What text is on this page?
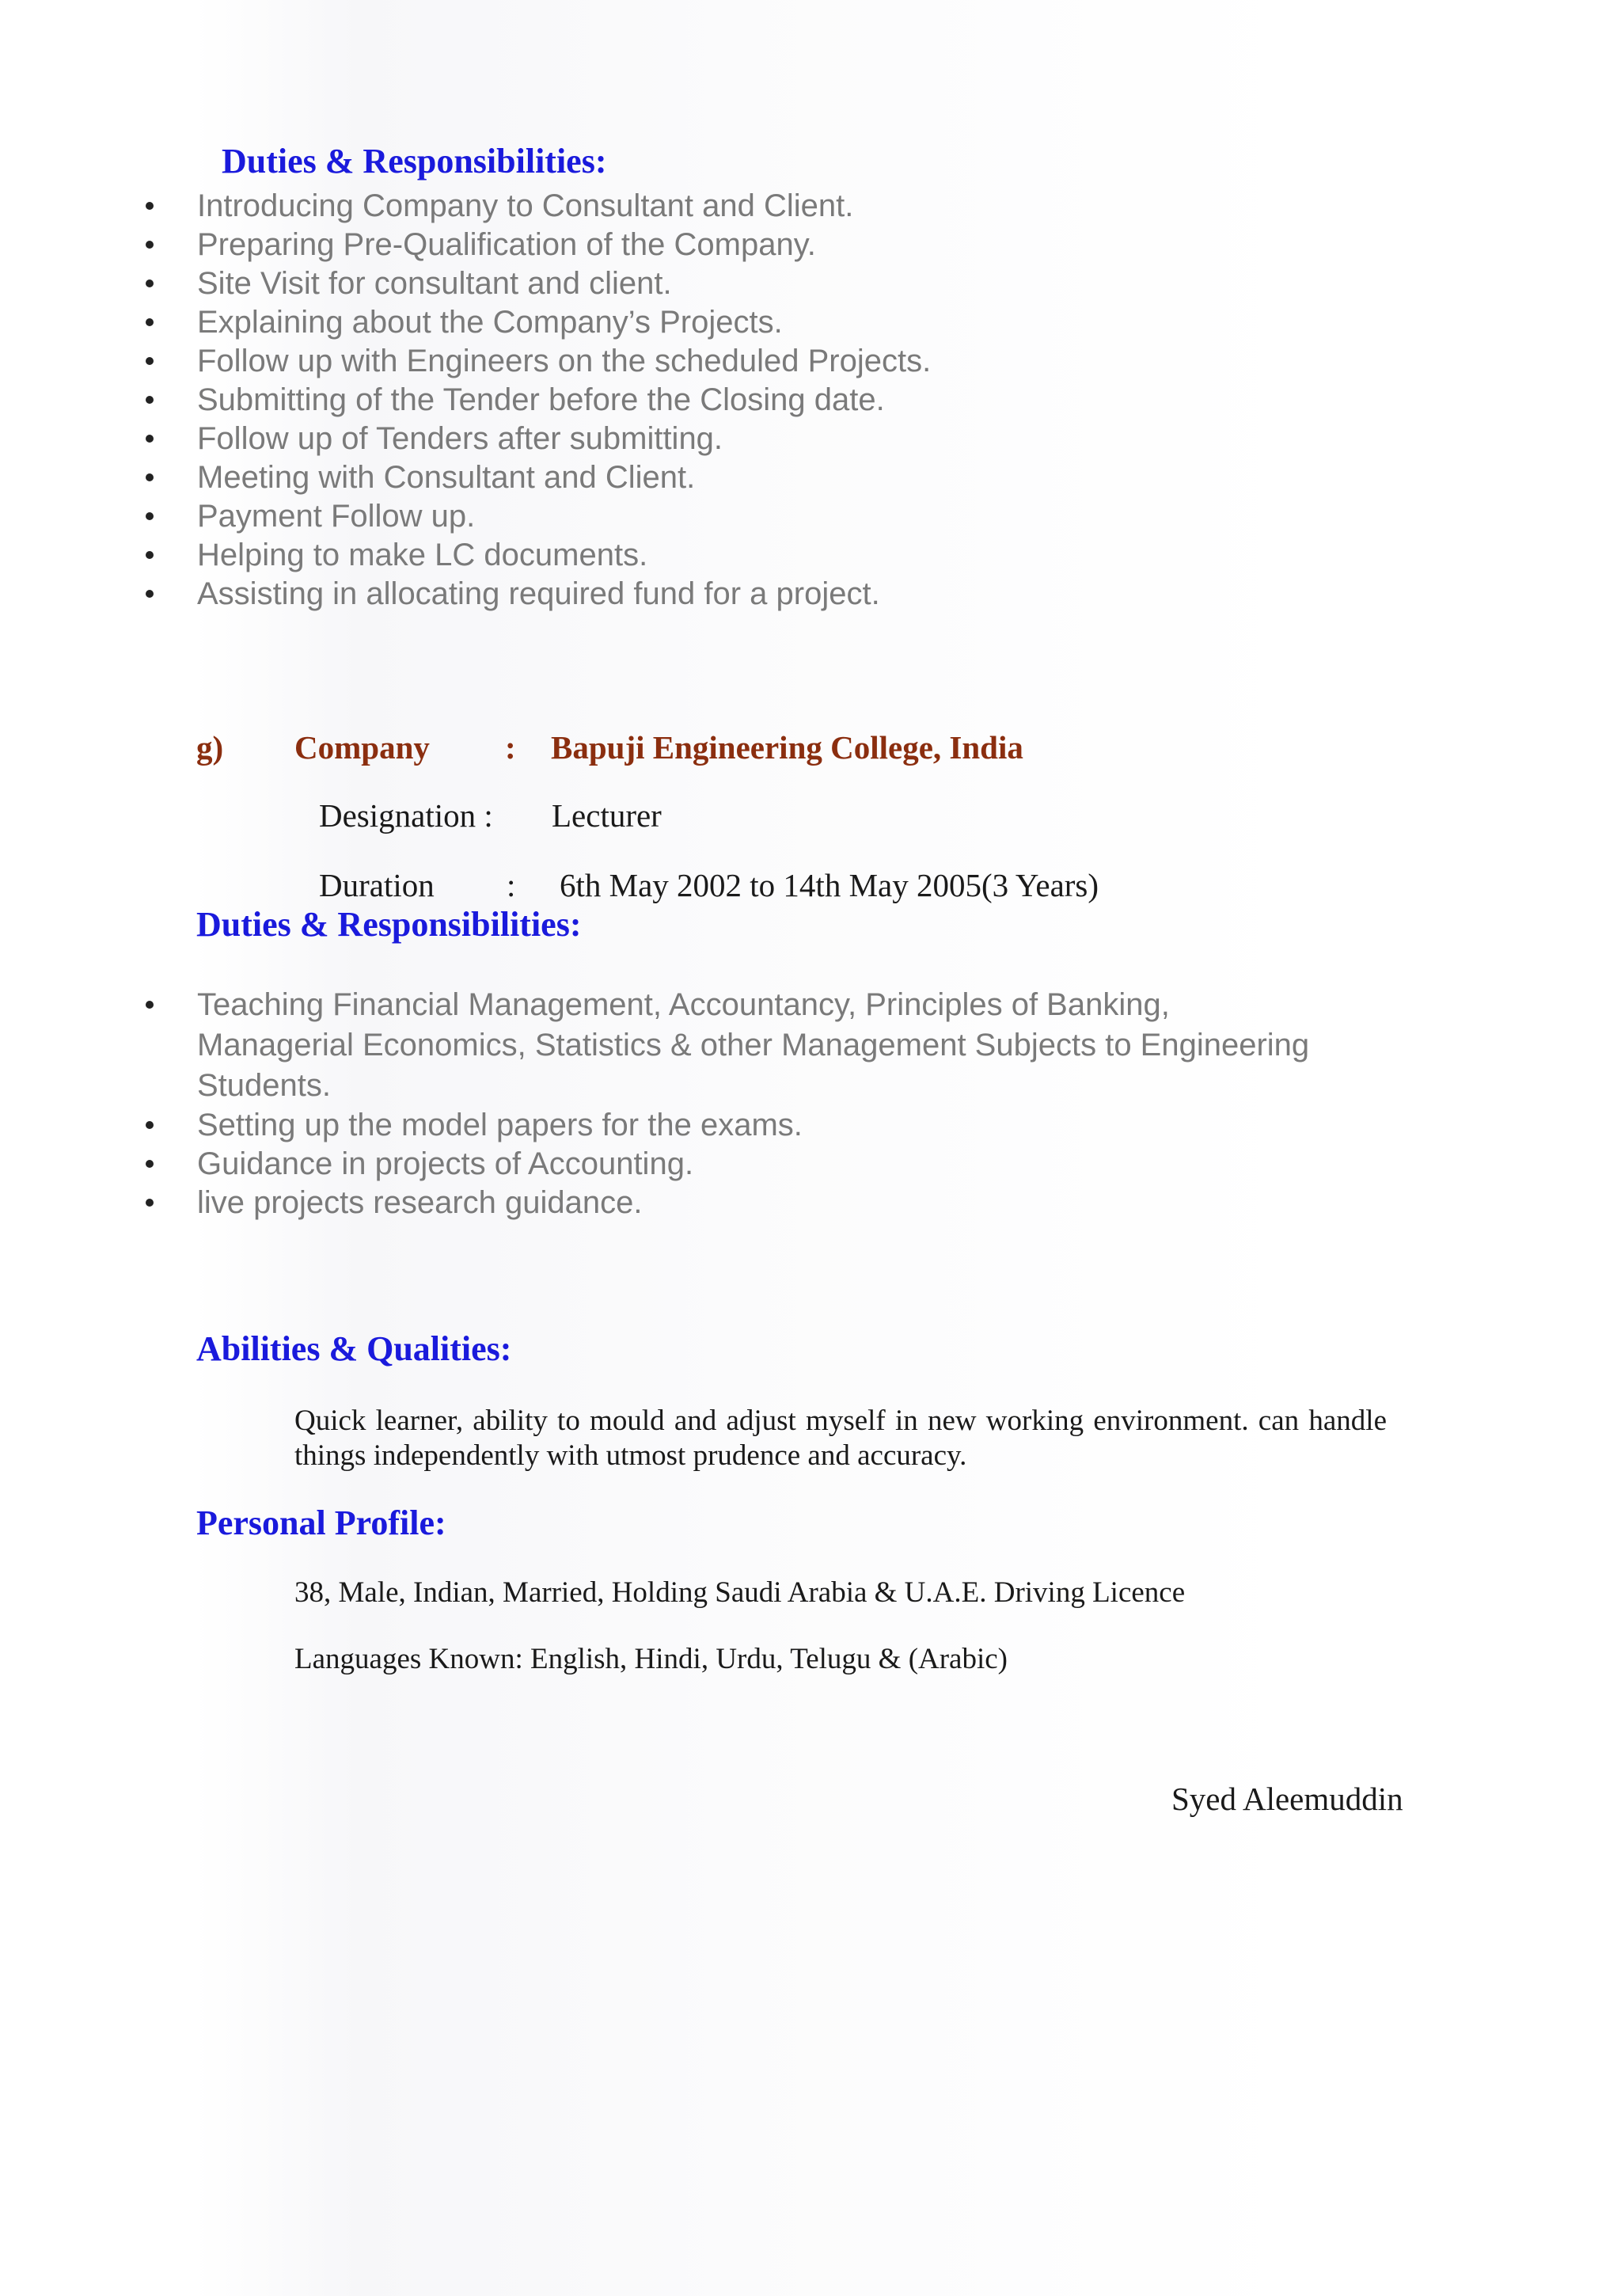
Duties & Responsibilities:
Introducing Company to Consultant and Client.
Preparing Pre-Qualification of the Company.
Site Visit for consultant and client.
Explaining about the Company’s Projects.
Follow up with Engineers on the scheduled Projects.
Submitting of the Tender before the Closing date.
Follow up of Tenders after submitting.
Meeting with Consultant and Client.
Payment Follow up.
Helping to make LC documents.
Assisting in allocating required fund for a project.
g) Company : Bapuji Engineering College, India
Designation : Lecturer
Duration : 6th May 2002 to 14th May 2005(3 Years)
Duties & Responsibilities:
Teaching Financial Management, Accountancy, Principles of Banking,
Managerial Economics, Statistics & other Management Subjects to Engineering
Students.
Setting up the model papers for the exams.
Guidance in projects of Accounting.
live projects research guidance.
Abilities & Qualities:
Quick learner, ability to mould and adjust myself in new working environment. can handle things independently with utmost prudence and accuracy.
Personal Profile:
38, Male, Indian, Married, Holding Saudi Arabia & U.A.E. Driving Licence
Languages Known: English, Hindi, Urdu, Telugu & (Arabic)
Syed Aleemuddin
